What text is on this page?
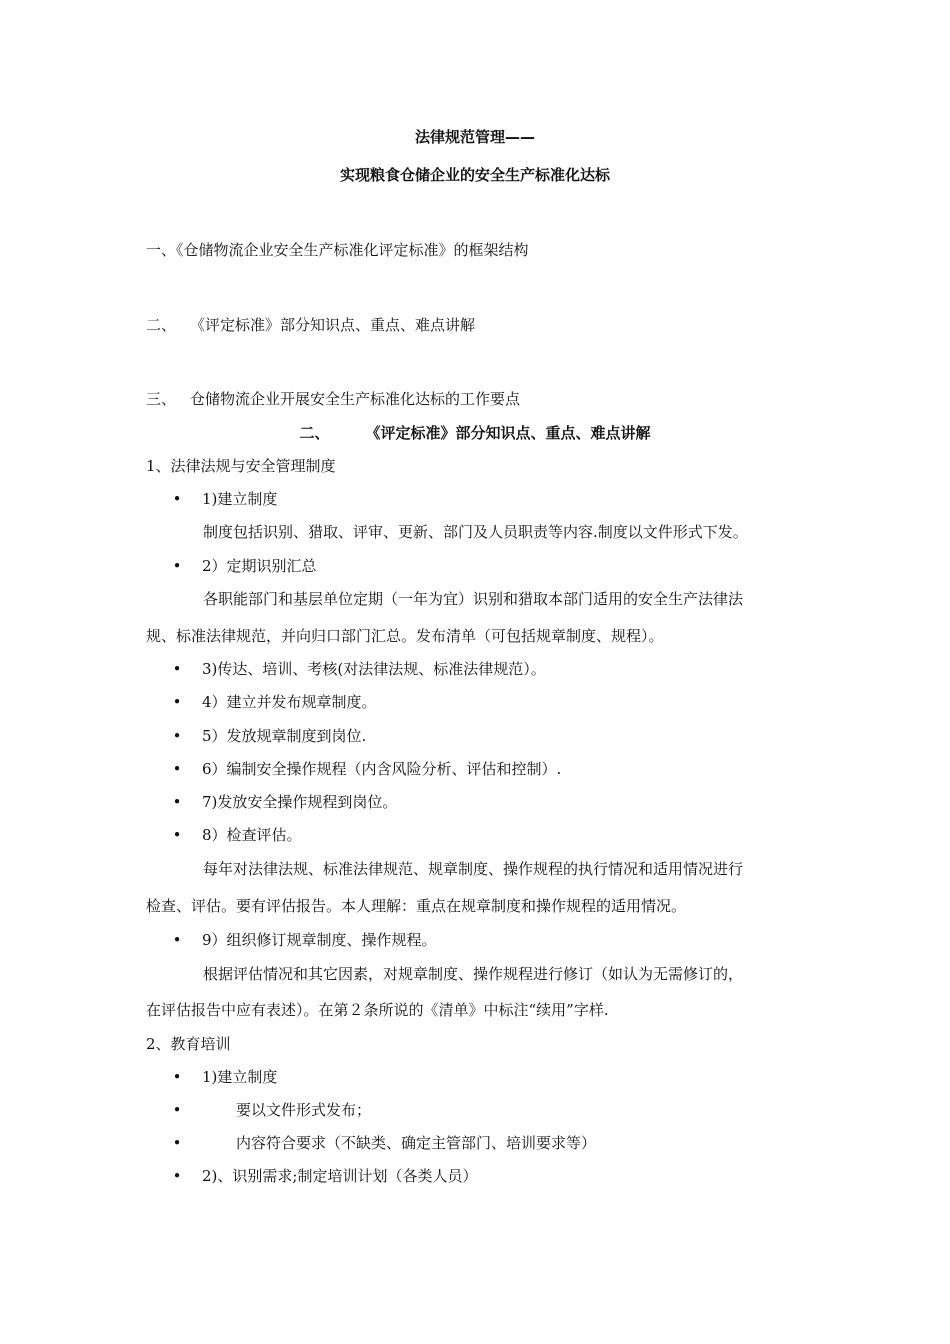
法律规范管理——
实现粮食仓储企业的安全生产标准化达标
一、《仓储物流企业安全生产标准化评定标准》的框架结构
二、 《评定标准》部分知识点、重点、难点讲解
三、 仓储物流企业开展安全生产标准化达标的工作要点
二、 《评定标准》部分知识点、重点、难点讲解
1、法律法规与安全管理制度
• 1)建立制度
制度包括识别、猎取、评审、更新、部门及人员职责等内容.制度以文件形式下发。
• 2）定期识别汇总
各职能部门和基层单位定期（一年为宜）识别和猎取本部门适用的安全生产法律法
规、标准法律规范，并向归口部门汇总。发布清单（可包括规章制度、规程）。
• 3)传达、培训、考核(对法律法规、标准法律规范）。
• 4）建立并发布规章制度。
• 5）发放规章制度到岗位.
• 6）编制安全操作规程（内含风险分析、评估和控制）.
• 7)发放安全操作规程到岗位。
• 8）检查评估。
每年对法律法规、标准法律规范、规章制度、操作规程的执行情况和适用情况进行
检查、评估。要有评估报告。本人理解：重点在规章制度和操作规程的适用情况。
• 9）组织修订规章制度、操作规程。
根据评估情况和其它因素，对规章制度、操作规程进行修订（如认为无需修订的，
在评估报告中应有表述）。在第２条所说的《清单》中标注“续用”字样.
2、教育培训
• 1)建立制度
•	要以文件形式发布；
•	内容符合要求（不缺类、确定主管部门、培训要求等）
• 2)、识别需求;制定培训计划（各类人员）
